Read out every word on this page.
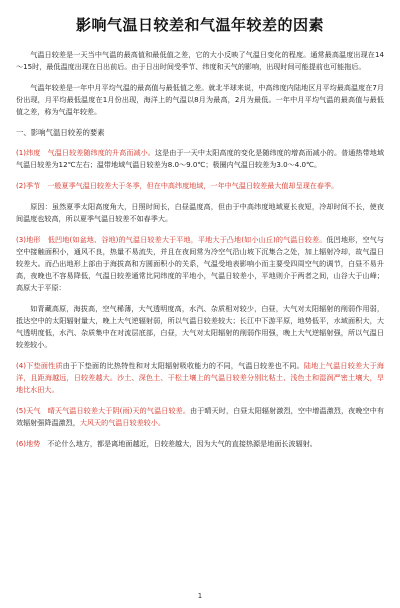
影响气温日较差和气温年较差的因素

气温日较差是一天当中气温的最高值和最低值之差，它的大小反映了气温日变化的程度。通常最高温度出现在14～15时，最低温度出现在日出前后。由于日出时间受季节、纬度和天气的影响，出现时间可能提前也可能拖后。

气温年较差是一年中月平均气温的最高值与最低值之差。就北半球来说，中高纬度内陆地区月平均最高温度在7月份出现，月平均最低温度在1月份出现，海洋上的气温以8月为最高，2月为最低。一年中月平均气温的最高值与最低值之差，称为气温年较差。

一、影响气温日较差的要素

(1)纬度　气温日较差随纬度的升高而减小。这是由于一天中太阳高度的变化是随纬度的增高而减小的。普通热带地域气温日较差为12℃左右；温带地域气温日较差为8.0～9.0℃；极圈内气温日较差为3.0～4.0℃。

(2)季节　一般夏季气温日较差大于冬季，但在中高纬度地域，一年中气温日较差最大值却呈现在春季。

原因：虽然夏季太阳高度角大，日照时间长，白昼温度高，但由于中高纬度地域夏长夜短，冷却时间不长，使夜间温度也较高，所以夏季气温日较差不如春季大。

(3)地形　低凹地(如盆地、谷地)的气温日较差大于平地，平地大于凸地(如小山丘)的气温日较差。低凹地形，空气与空中接触面积小，通风不良，热量不易流失，并且在夜间常为冷空气沿山坡下沉集合之处，加上辐射冷却，故气温日较差大。而凸出地形上部由于海拔高和方圆面积小的关系，气温受地表影响小而主要受四周空气的调节，白昼不易升高，夜晚也不容易降低，气温日较差通常比同纬度的平地小，气温日较差小，平地则介于两者之间，山谷大于山峰；高原大于平原：

如青藏高原，海拔高，空气稀薄，大气透明度高，水汽、杂质相对较少，白昼，大气对太阳辐射的削弱作用弱，抵达空中的太阳辐射量大，晚上大气逆辐射弱，所以气温日较差较大；长江中下游平原，地势低平，水域面积大，大气透明度低，水汽、杂质集中在对流层底部，白昼，大气对太阳辐射的削弱作用强，晚上大气逆辐射强，所以气温日较差较小。

(4)下垫面性质由于下垫面的比热特性和对太阳辐射吸收能力的不同，气温日较差也不同。陆地上气温日较差大于海洋，且距海越远，日较差越大。沙土、深色土、干松土壤上的气温日较差分别比粘土、浅色土和湿润严密土壤大，旱地比水田大。

(5)天气　晴天气温日较差大于阴(雨)天的气温日较差。由于晴天时，白昼太阳辐射激烈，空中增温激烈，夜晚空中有效辐射强降温激烈，大风天的气温日较差较小。

(6)地势　 不论什么地方，都是离地面越近，日较差越大，因为大气的直接热源是地面长波辐射。

1
